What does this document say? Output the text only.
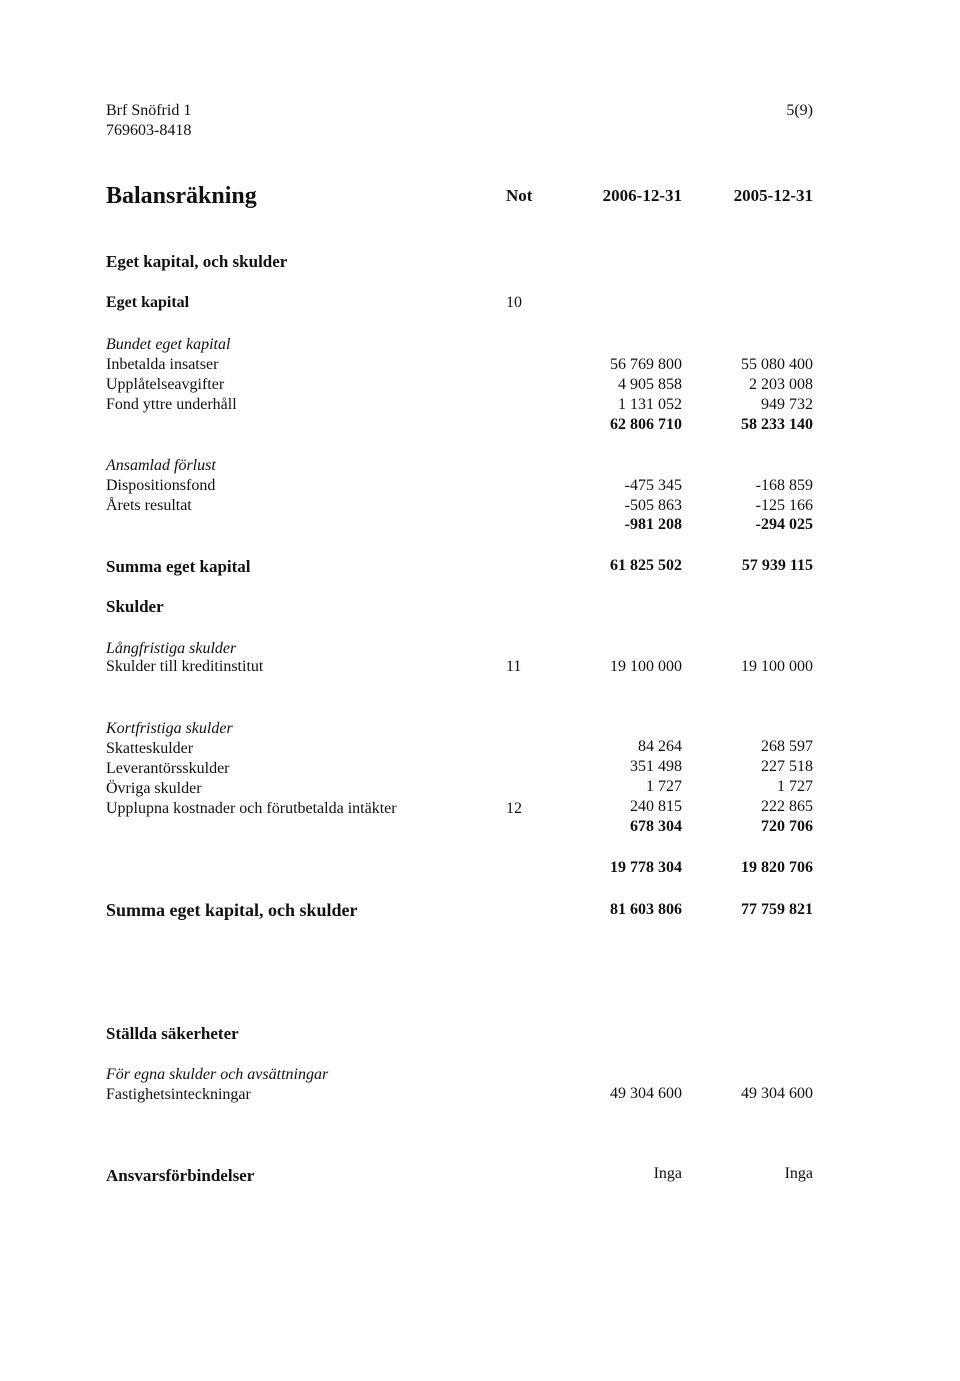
Brf Snöfrid 1
769603-8418
5(9)
Balansräkning	Not	2006-12-31	2005-12-31
Eget kapital, och skulder
Eget kapital	10
Bundet eget kapital
Inbetalda insatser	56 769 800	55 080 400
Upplåtelseavgifter	4 905 858	2 203 008
Fond yttre underhåll	1 131 052	949 732
62 806 710	58 233 140
Ansamlad förlust
Dispositionsfond	-475 345	-168 859
Årets resultat	-505 863	-125 166
-981 208	-294 025
Summa eget kapital	61 825 502	57 939 115
Skulder
Långfristiga skulder
Skulder till kreditinstitut	11	19 100 000	19 100 000
Kortfristiga skulder
Skatteskulder	84 264	268 597
Leverantörsskulder	351 498	227 518
Övriga skulder	1 727	1 727
Upplupna kostnader och förutbetalda intäkter	12	240 815	222 865
678 304	720 706
19 778 304	19 820 706
Summa eget kapital, och skulder	81 603 806	77 759 821
Ställda säkerheter
För egna skulder och avsättningar
Fastighetsinteckningar	49 304 600	49 304 600
Ansvarsförbindelser	Inga	Inga
